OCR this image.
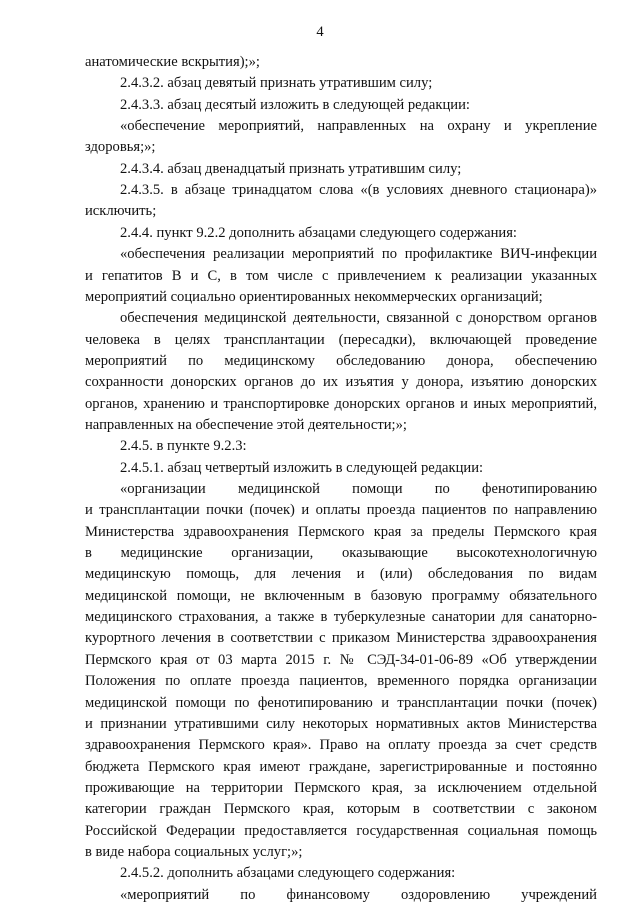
4
анатомические вскрытия);»;
2.4.3.2. абзац девятый признать утратившим силу;
2.4.3.3. абзац десятый изложить в следующей редакции:
«обеспечение мероприятий, направленных на охрану и укрепление
здоровья;»;
2.4.3.4. абзац двенадцатый признать утратившим силу;
2.4.3.5. в абзаце тринадцатом слова «(в условиях дневного стационара)»
исключить;
2.4.4. пункт 9.2.2 дополнить абзацами следующего содержания:
«обеспечения реализации мероприятий по профилактике ВИЧ-инфекции
и гепатитов В и С, в том числе с привлечением к реализации указанных
мероприятий социально ориентированных некоммерческих организаций;
обеспечения медицинской деятельности, связанной с донорством органов
человека в целях трансплантации (пересадки), включающей проведение
мероприятий по медицинскому обследованию донора, обеспечению
сохранности донорских органов до их изъятия у донора, изъятию донорских
органов, хранению и транспортировке донорских органов и иных мероприятий,
направленных на обеспечение этой деятельности;»;
2.4.5. в пункте 9.2.3:
2.4.5.1. абзац четвертый изложить в следующей редакции:
«организации медицинской помощи по фенотипированию
и трансплантации почки (почек) и оплаты проезда пациентов по направлению
Министерства здравоохранения Пермского края за пределы Пермского края
в медицинские организации, оказывающие высокотехнологичную
медицинскую помощь, для лечения и (или) обследования по видам
медицинской помощи, не включенным в базовую программу обязательного
медицинского страхования, а также в туберкулезные санатории для санаторно-
курортного лечения в соответствии с приказом Министерства здравоохранения
Пермского края от 03 марта 2015 г. № СЭД-34-01-06-89 «Об утверждении
Положения по оплате проезда пациентов, временного порядка организации
медицинской помощи по фенотипированию и трансплантации почки (почек)
и признании утратившими силу некоторых нормативных актов Министерства
здравоохранения Пермского края». Право на оплату проезда за счет средств
бюджета Пермского края имеют граждане, зарегистрированные и постоянно
проживающие на территории Пермского края, за исключением отдельной
категории граждан Пермского края, которым в соответствии с законом
Российской Федерации предоставляется государственная социальная помощь
в виде набора социальных услуг;»;
2.4.5.2. дополнить абзацами следующего содержания:
«мероприятий по финансовому оздоровлению учреждений
